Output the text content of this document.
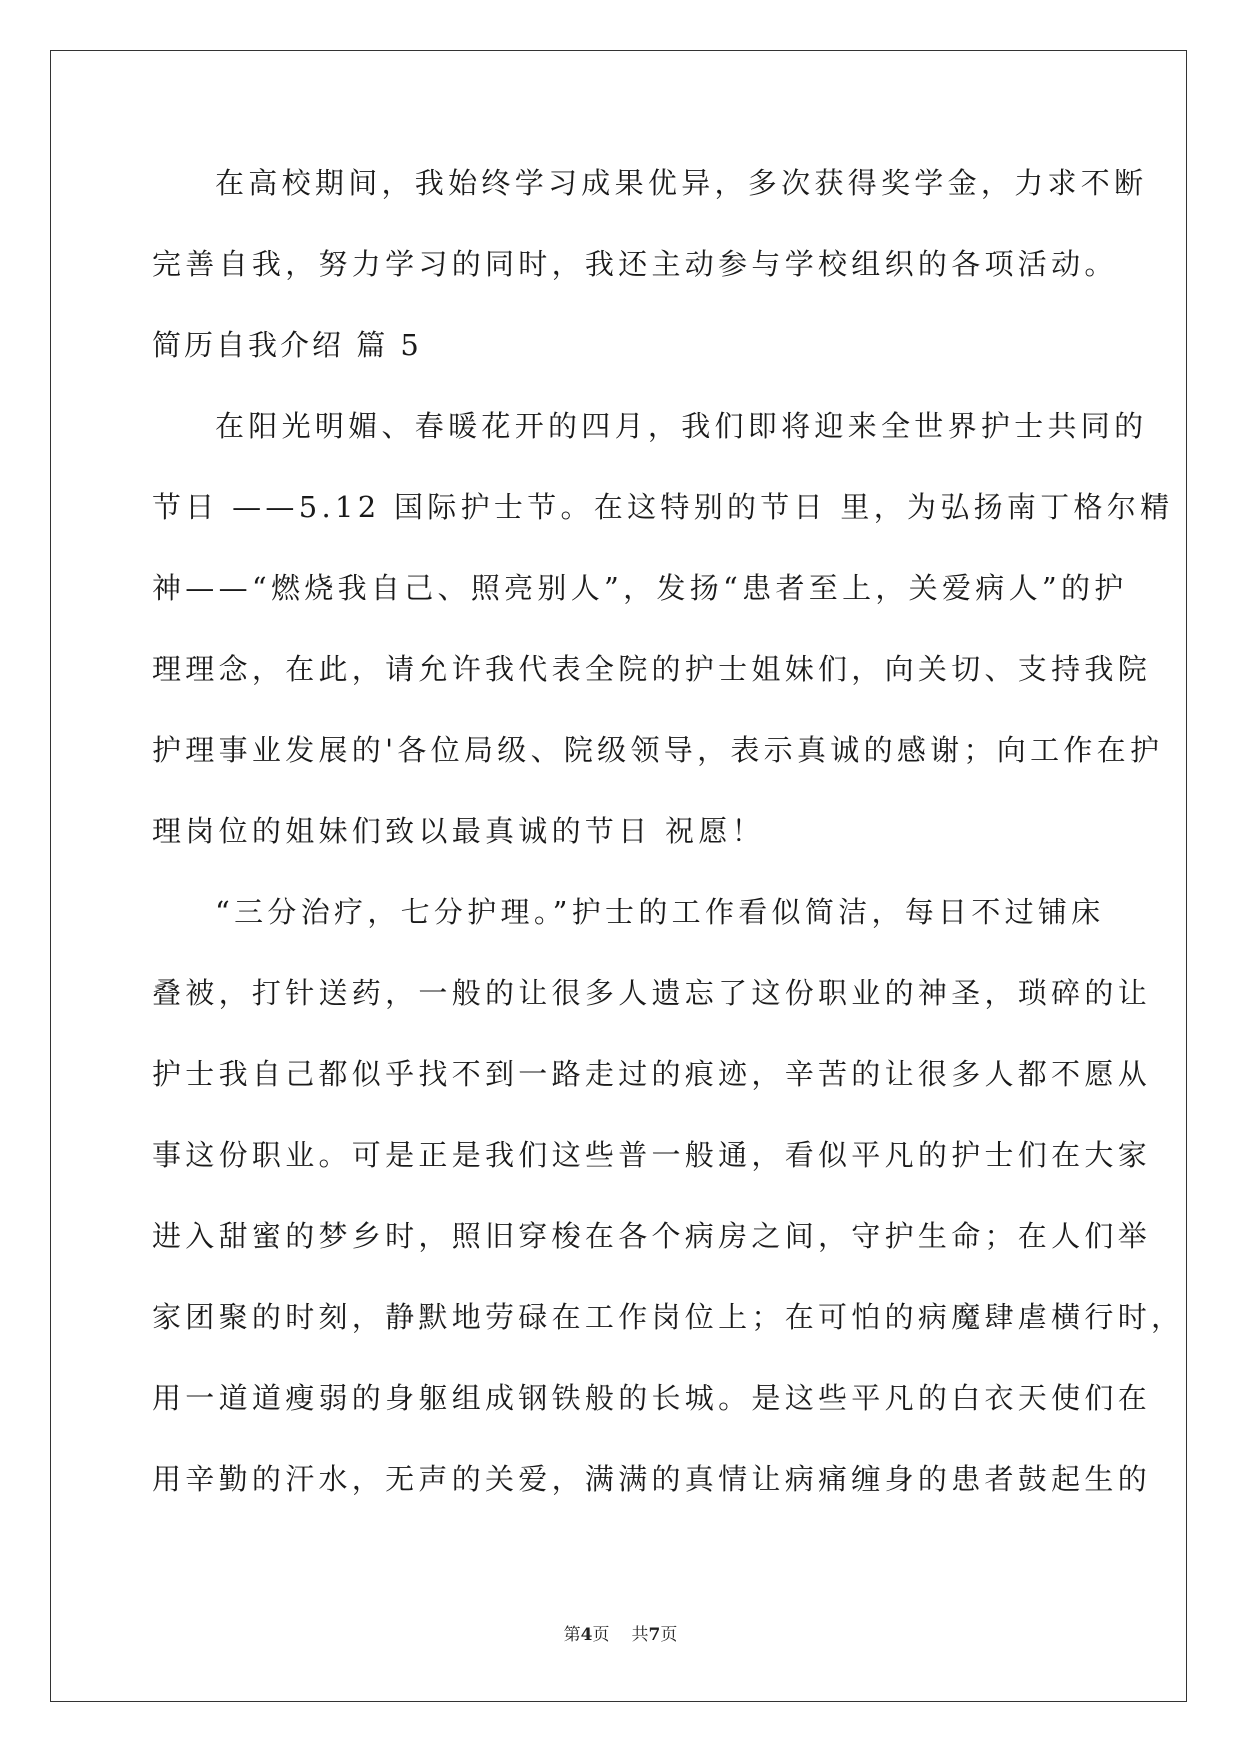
在高校期间，我始终学习成果优异，多次获得奖学金，力求不断
完善自我，努力学习的同时，我还主动参与学校组织的各项活动。
简历自我介绍 篇 5
在阳光明媚、春暖花开的四月，我们即将迎来全世界护士共同的
节日 ——5.12 国际护士节。在这特别的节日 里，为弘扬南丁格尔精
神——“燃烧我自己、照亮别人”，发扬“患者至上，关爱病人”的护
理理念，在此，请允许我代表全院的护士姐妹们，向关切、支持我院
护理事业发展的'各位局级、院级领导，表示真诚的感谢；向工作在护
理岗位的姐妹们致以最真诚的节日 祝愿！
“三分治疗，七分护理。”护士的工作看似简洁，每日不过铺床
叠被，打针送药，一般的让很多人遗忘了这份职业的神圣，琐碎的让
护士我自己都似乎找不到一路走过的痕迹，辛苦的让很多人都不愿从
事这份职业。可是正是我们这些普一般通，看似平凡的护士们在大家
进入甜蜜的梦乡时，照旧穿梭在各个病房之间，守护生命；在人们举
家团聚的时刻，静默地劳碌在工作岗位上；在可怕的病魔肆虐横行时，
用一道道瘦弱的身躯组成钢铁般的长城。是这些平凡的白衣天使们在
用辛勤的汗水，无声的关爱，满满的真情让病痛缠身的患者鼓起生的
第4页 共7页
